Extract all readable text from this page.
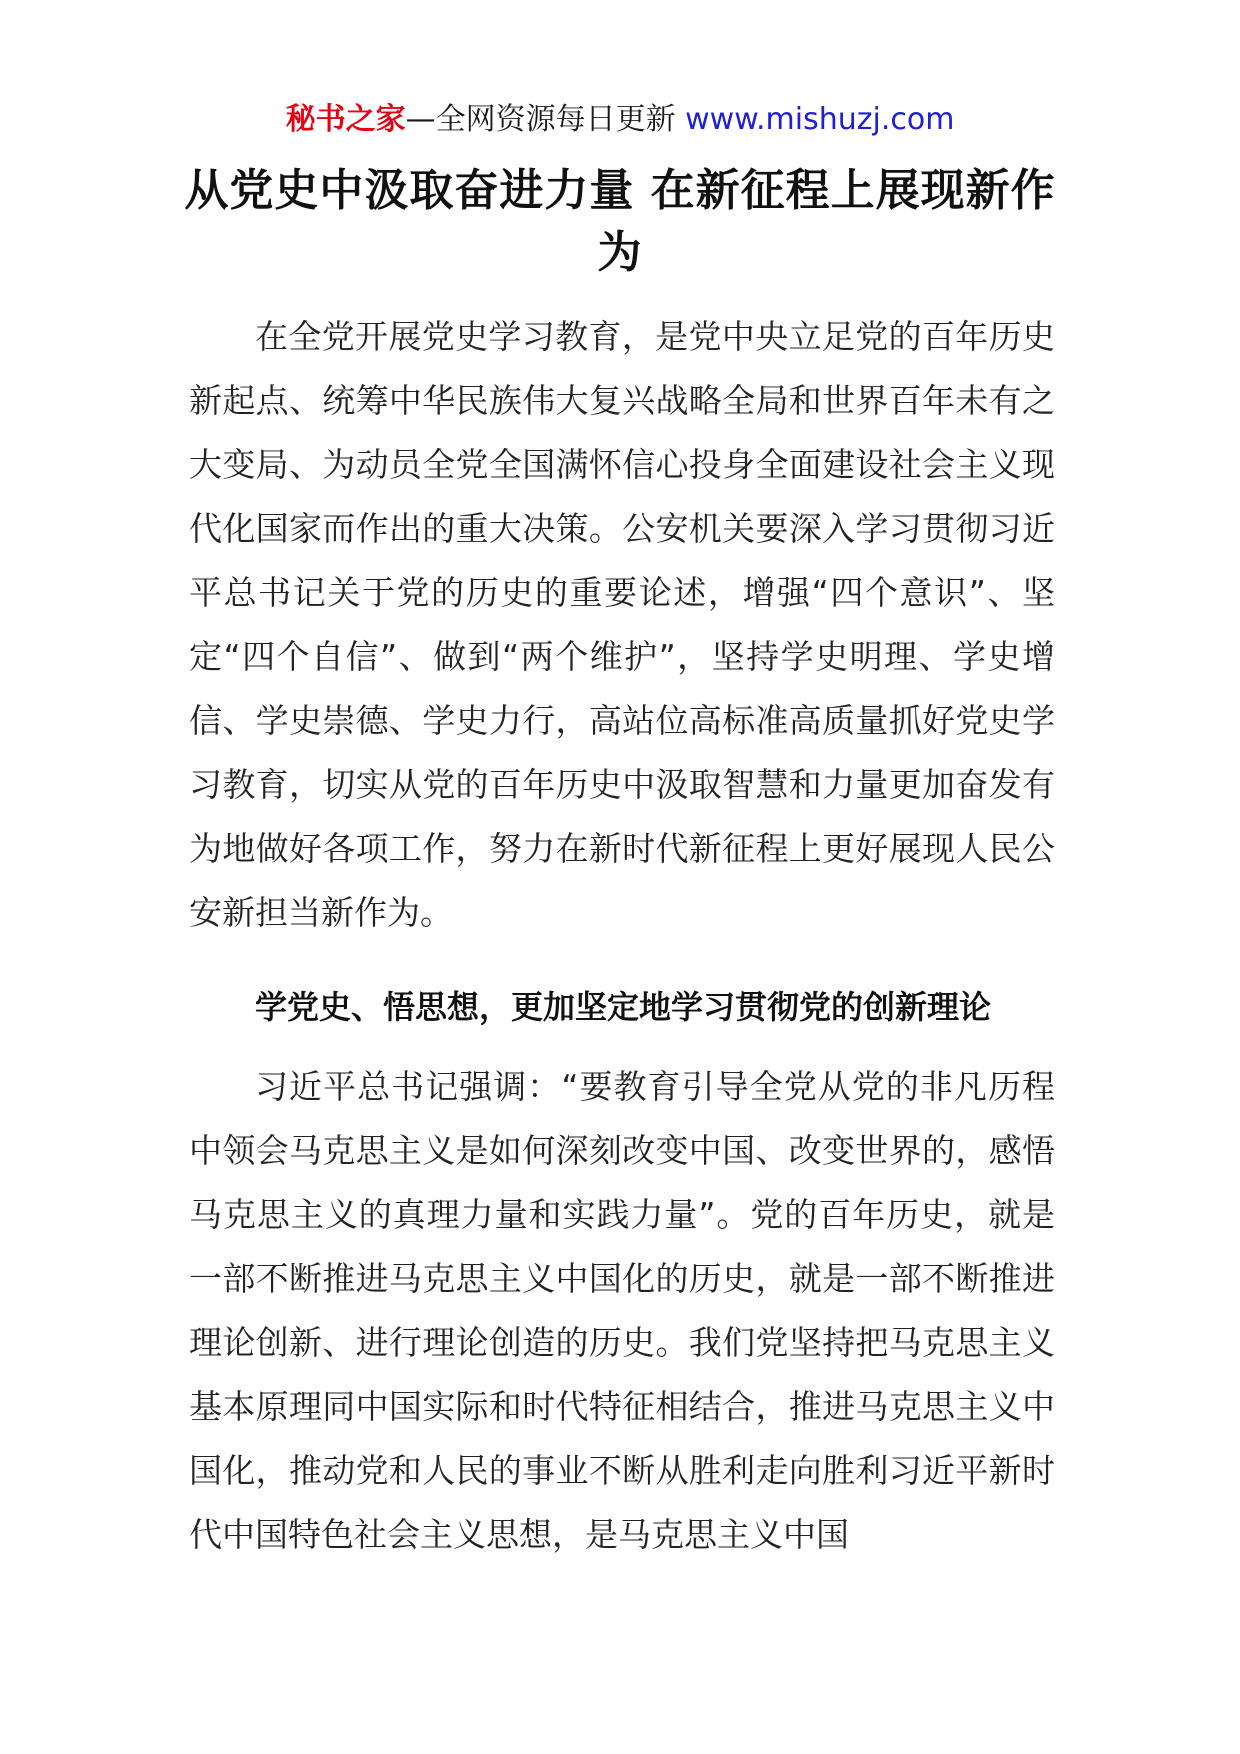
秘书之家—全网资源每日更新 www.mishuzj.com
从党史中汲取奋进力量 在新征程上展现新作为

在全党开展党史学习教育，是党中央立足党的百年历史新起点、统筹中华民族伟大复兴战略全局和世界百年未有之大变局、为动员全党全国满怀信心投身全面建设社会主义现代化国家而作出的重大决策。公安机关要深入学习贯彻习近平总书记关于党的历史的重要论述，增强“四个意识”、坚定“四个自信”、做到“两个维护”，坚持学史明理、学史增信、学史崇德、学史力行，高站位高标准高质量抓好党史学习教育，切实从党的百年历史中汲取智慧和力量更加奋发有为地做好各项工作，努力在新时代新征程上更好展现人民公安新担当新作为。

学党史、悟思想，更加坚定地学习贯彻党的创新理论

习近平总书记强调：“要教育引导全党从党的非凡历程中领会马克思主义是如何深刻改变中国、改变世界的，感悟马克思主义的真理力量和实践力量”。党的百年历史，就是一部不断推进马克思主义中国化的历史，就是一部不断推进理论创新、进行理论创造的历史。我们党坚持把马克思主义基本原理同中国实际和时代特征相结合，推进马克思主义中国化，推动党和人民的事业不断从胜利走向胜利习近平新时代中国特色社会主义思想，是马克思主义中国
